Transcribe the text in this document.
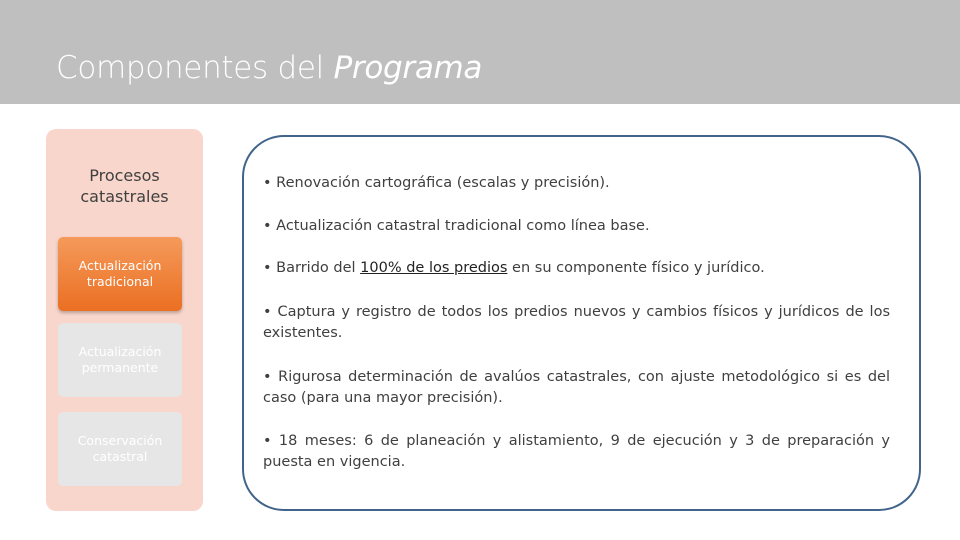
Componentes del Programa
Procesos catastrales
Actualización tradicional
Actualización permanente
Conservación catastral
• Renovación cartográfica (escalas y precisión).
• Actualización catastral tradicional como línea base.
• Barrido del 100% de los predios en su componente físico y jurídico.
• Captura y registro de todos los predios nuevos y cambios físicos y jurídicos de los existentes.
• Rigurosa determinación de avalúos catastrales, con ajuste metodológico si es del caso (para una mayor precisión).
• 18 meses: 6 de planeación y alistamiento, 9 de ejecución y 3 de preparación y puesta en vigencia.
